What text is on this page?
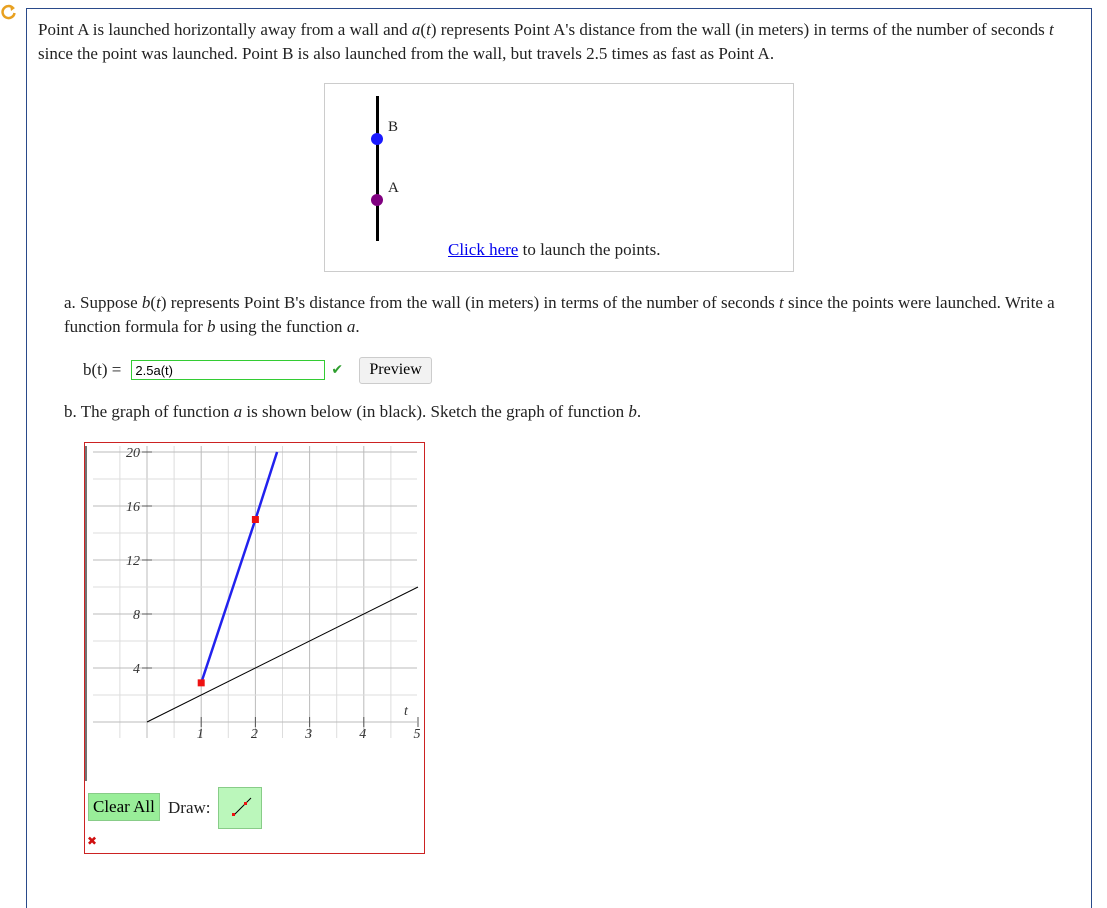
Point A is launched horizontally away from a wall and a(t) represents Point A's distance from the wall (in meters) in terms of the number of seconds t since the point was launched. Point B is also launched from the wall, but travels 2.5 times as fast as Point A.
B
A
Click here to launch the points.
a. Suppose b(t) represents Point B's distance from the wall (in meters) in terms of the number of seconds t since the points were launched. Write a function formula for b using the function a.
b(t) =
2.5a(t)	✔	Preview
b. The graph of function a is shown below (in black). Sketch the graph of function b.
4
8
12
16
20
1	2	3	4	5
t
Clear All Draw:
✖
